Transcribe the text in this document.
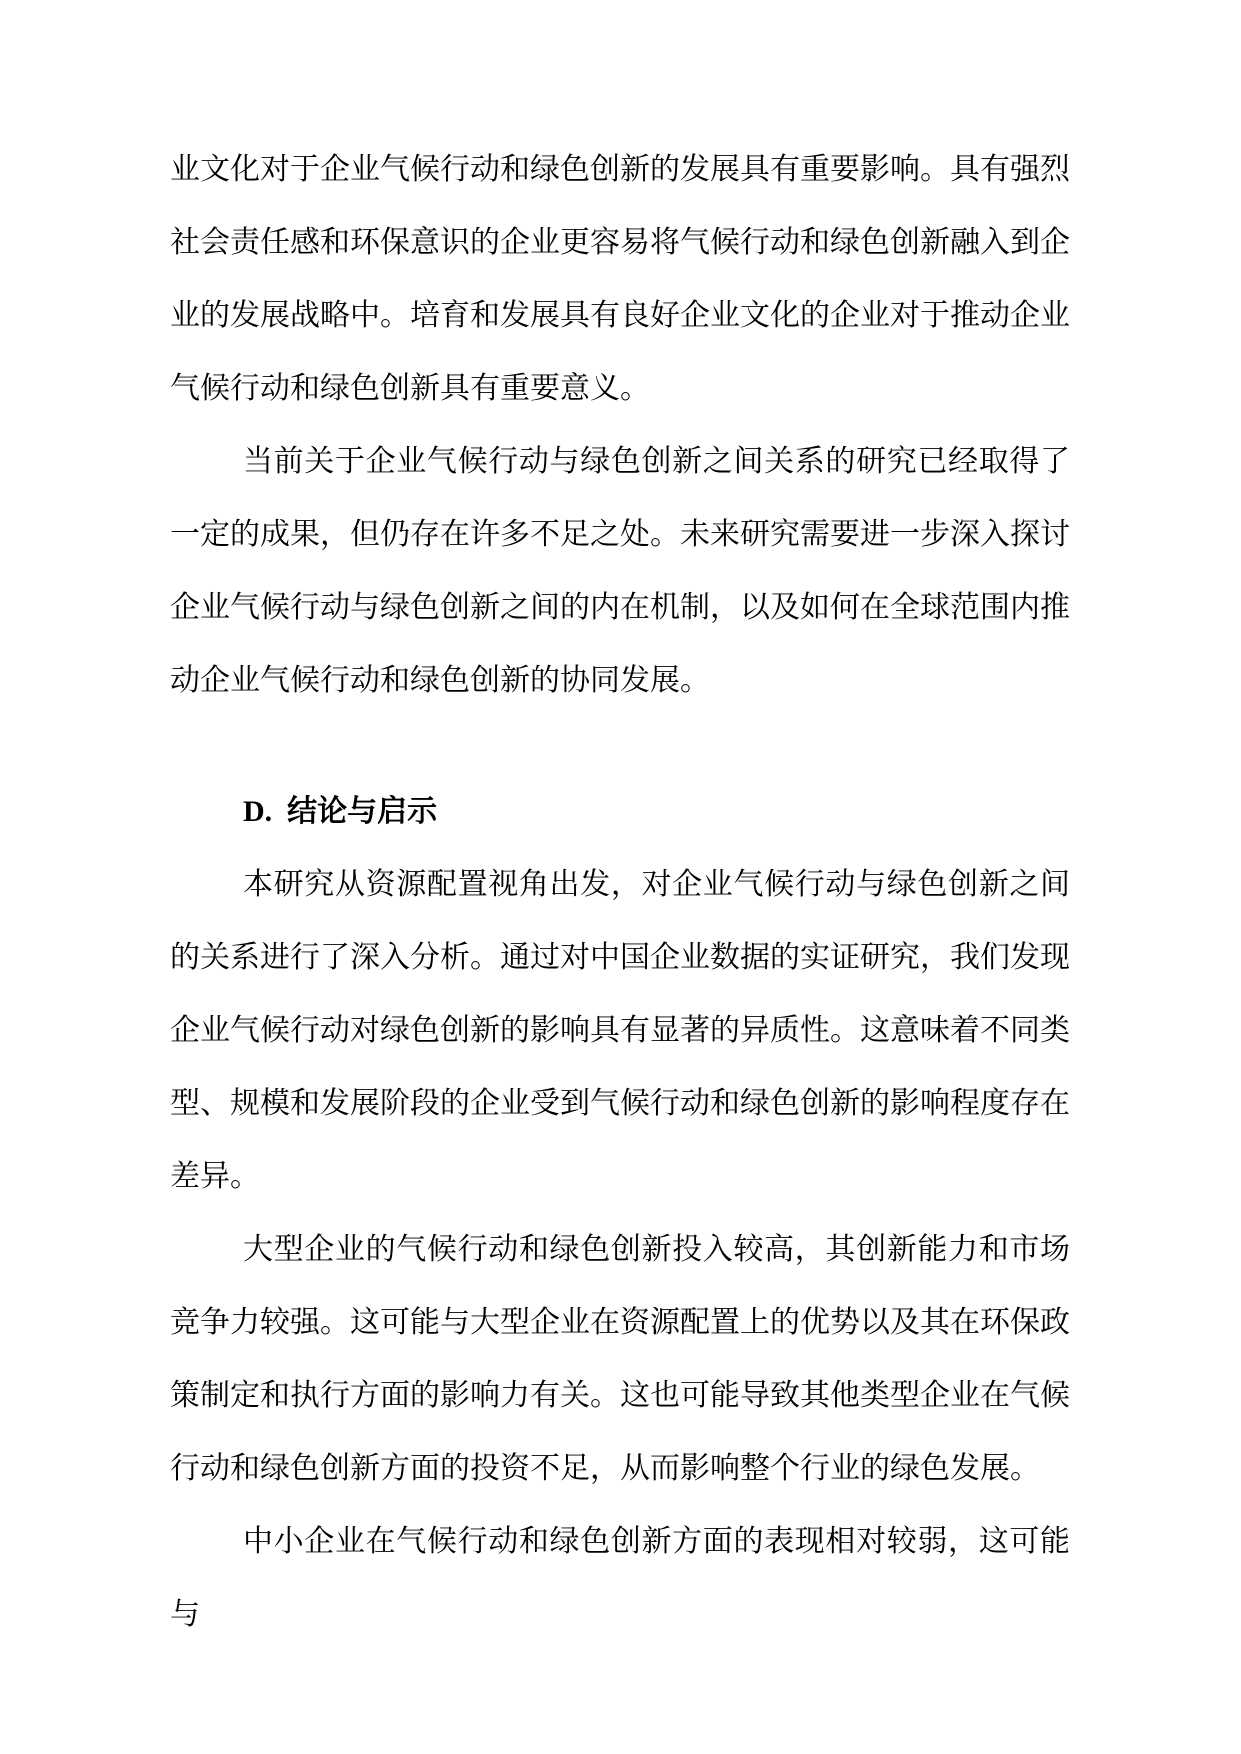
业文化对于企业气候行动和绿色创新的发展具有重要影响。具有强烈社会责任感和环保意识的企业更容易将气候行动和绿色创新融入到企业的发展战略中。培育和发展具有良好企业文化的企业对于推动企业气候行动和绿色创新具有重要意义。

当前关于企业气候行动与绿色创新之间关系的研究已经取得了一定的成果，但仍存在许多不足之处。未来研究需要进一步深入探讨企业气候行动与绿色创新之间的内在机制，以及如何在全球范围内推动企业气候行动和绿色创新的协同发展。

D. 结论与启示

本研究从资源配置视角出发，对企业气候行动与绿色创新之间的关系进行了深入分析。通过对中国企业数据的实证研究，我们发现企业气候行动对绿色创新的影响具有显著的异质性。这意味着不同类型、规模和发展阶段的企业受到气候行动和绿色创新的影响程度存在差异。

大型企业的气候行动和绿色创新投入较高，其创新能力和市场竞争力较强。这可能与大型企业在资源配置上的优势以及其在环保政策制定和执行方面的影响力有关。这也可能导致其他类型企业在气候行动和绿色创新方面的投资不足，从而影响整个行业的绿色发展。

中小企业在气候行动和绿色创新方面的表现相对较弱，这可能与
